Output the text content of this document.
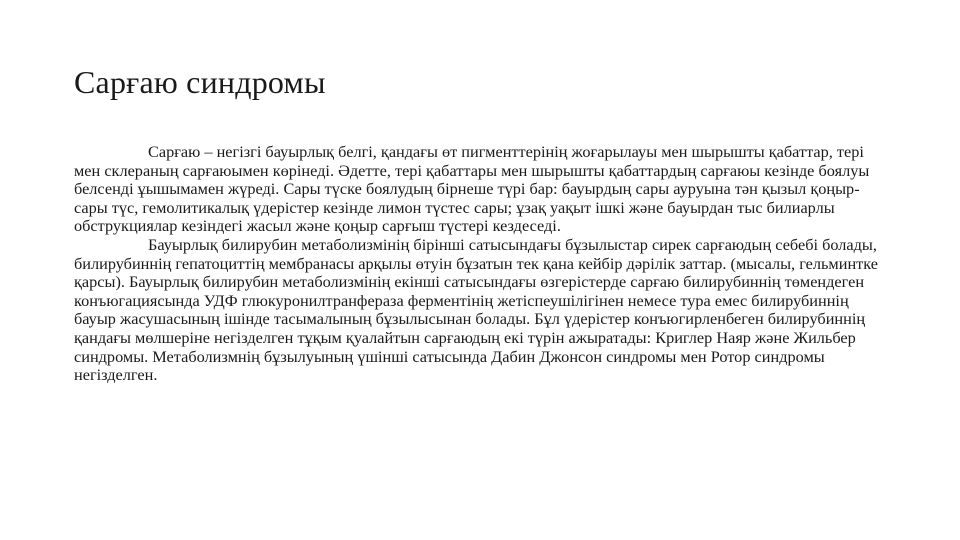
Сарғаю синдромы

Сарғаю – негізгі бауырлық белгі, қандағы өт пигменттерінің жоғарылауы мен шырышты қабаттар, тері мен склераның сарғаюымен көрінеді. Әдетте, тері қабаттары мен шырышты қабаттардың сарғаюы кезінде боялуы белсенді ұышымамен жүреді. Сары түске боялудың бірнеше түрі бар: бауырдың сары ауруына тән қызыл қоңыр-сары түс, гемолитикалық үдерістер кезінде лимон түстес сары; ұзақ уақыт ішкі және бауырдан тыс билиарлы обструкциялар кезіндегі жасыл және қоңыр сарғыш түстері кездеседі.

Бауырлық билирубин метаболизмінің бірінші сатысындағы бұзылыстар сирек сарғаюдың себебі болады, билирубиннің гепатоциттің мембранасы арқылы өтуін бұзатын тек қана кейбір дәрілік заттар. (мысалы, гельминтке қарсы). Бауырлық билирубин метаболизмінің екінші сатысындағы өзгерістерде сарғаю билирубиннің төмендеген конъюгациясында УДФ глюкуронилтранфераза ферментінің жетіспеушілігінен немесе тура емес билирубиннің бауыр жасушасының ішінде тасымалының бұзылысынан болады. Бұл үдерістер конъюгирленбеген билирубиннің қандағы мөлшеріне негізделген тұқым қуалайтын сарғаюдың екі түрін ажыратады: Криглер Наяр және Жильбер синдромы. Метаболизмнің бұзылуының үшінші сатысында Дабин Джонсон синдромы мен Ротор синдромы негізделген.
